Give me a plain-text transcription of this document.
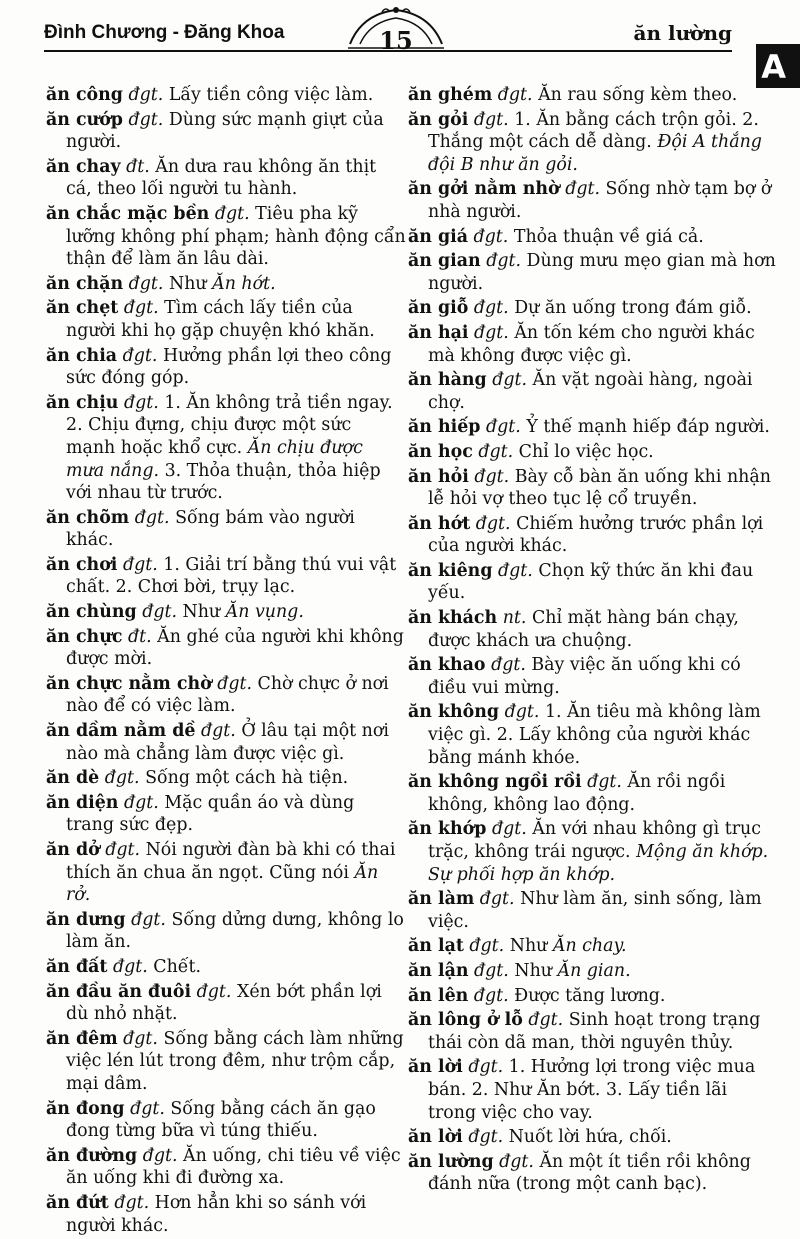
Đình Chương - Đăng Khoa	15	ăn lường
A

ăn công đgt. Lấy tiền công việc làm.

ăn cướp đgt. Dùng sức mạnh giựt của người.

ăn chay đt. Ăn dưa rau không ăn thịt cá, theo lối người tu hành.

ăn chắc mặc bền đgt. Tiêu pha kỹ lưỡng không phí phạm; hành động cẩn thận để làm ăn lâu dài.

ăn chặn đgt. Như Ăn hớt.

ăn chẹt đgt. Tìm cách lấy tiền của người khi họ gặp chuyện khó khăn.

ăn chia đgt. Hưởng phần lợi theo công sức đóng góp.

ăn chịu đgt. 1. Ăn không trả tiền ngay. 2. Chịu đựng, chịu được một sức mạnh hoặc khổ cực. Ăn chịu được mưa nắng. 3. Thỏa thuận, thỏa hiệp với nhau từ trước.

ăn chõm đgt. Sống bám vào người khác.

ăn chơi đgt. 1. Giải trí bằng thú vui vật chất. 2. Chơi bời, trụy lạc.

ăn chùng đgt. Như Ăn vụng.

ăn chực đt. Ăn ghé của người khi không được mời.

ăn chực nằm chờ đgt. Chờ chực ở nơi nào để có việc làm.

ăn dầm nằm dề đgt. Ở lâu tại một nơi nào mà chẳng làm được việc gì.

ăn dè đgt. Sống một cách hà tiện.

ăn diện đgt. Mặc quần áo và dùng trang sức đẹp.

ăn dở đgt. Nói người đàn bà khi có thai thích ăn chua ăn ngọt. Cũng nói Ăn rở.

ăn dưng đgt. Sống dửng dưng, không lo làm ăn.

ăn đất đgt. Chết.

ăn đầu ăn đuôi đgt. Xén bớt phần lợi dù nhỏ nhặt.

ăn đêm đgt. Sống bằng cách làm những việc lén lút trong đêm, như trộm cắp, mại dâm.

ăn đong đgt. Sống bằng cách ăn gạo đong từng bữa vì túng thiếu.

ăn đường đgt. Ăn uống, chi tiêu về việc ăn uống khi đi đường xa.

ăn đứt đgt. Hơn hẳn khi so sánh với người khác.

ăn ghém đgt. Ăn rau sống kèm theo.

ăn gỏi đgt. 1. Ăn bằng cách trộn gỏi. 2. Thắng một cách dễ dàng. Đội A thắng đội B như ăn gỏi.

ăn gởi nằm nhờ đgt. Sống nhờ tạm bợ ở nhà người.

ăn giá đgt. Thỏa thuận về giá cả.

ăn gian đgt. Dùng mưu mẹo gian mà hơn người.

ăn giỗ đgt. Dự ăn uống trong đám giỗ.

ăn hại đgt. Ăn tốn kém cho người khác mà không được việc gì.

ăn hàng đgt. Ăn vặt ngoài hàng, ngoài chợ.

ăn hiếp đgt. Ỷ thế mạnh hiếp đáp người.

ăn học đgt. Chỉ lo việc học.

ăn hỏi đgt. Bày cỗ bàn ăn uống khi nhận lễ hỏi vợ theo tục lệ cổ truyền.

ăn hớt đgt. Chiếm hưởng trước phần lợi của người khác.

ăn kiêng đgt. Chọn kỹ thức ăn khi đau yếu.

ăn khách nt. Chỉ mặt hàng bán chạy, được khách ưa chuộng.

ăn khao đgt. Bày việc ăn uống khi có điều vui mừng.

ăn không đgt. 1. Ăn tiêu mà không làm việc gì. 2. Lấy không của người khác bằng mánh khóe.

ăn không ngồi rồi đgt. Ăn rồi ngồi không, không lao động.

ăn khớp đgt. Ăn với nhau không gì trục trặc, không trái ngược. Mộng ăn khớp. Sự phối hợp ăn khớp.

ăn làm đgt. Như làm ăn, sinh sống, làm việc.

ăn lạt đgt. Như Ăn chay.

ăn lận đgt. Như Ăn gian.

ăn lên đgt. Được tăng lương.

ăn lông ở lỗ đgt. Sinh hoạt trong trạng thái còn dã man, thời nguyên thủy.

ăn lời đgt. 1. Hưởng lợi trong việc mua bán. 2. Như Ăn bớt. 3. Lấy tiền lãi trong việc cho vay.

ăn lời đgt. Nuốt lời hứa, chối.

ăn lường đgt. Ăn một ít tiền rồi không đánh nữa (trong một canh bạc).
